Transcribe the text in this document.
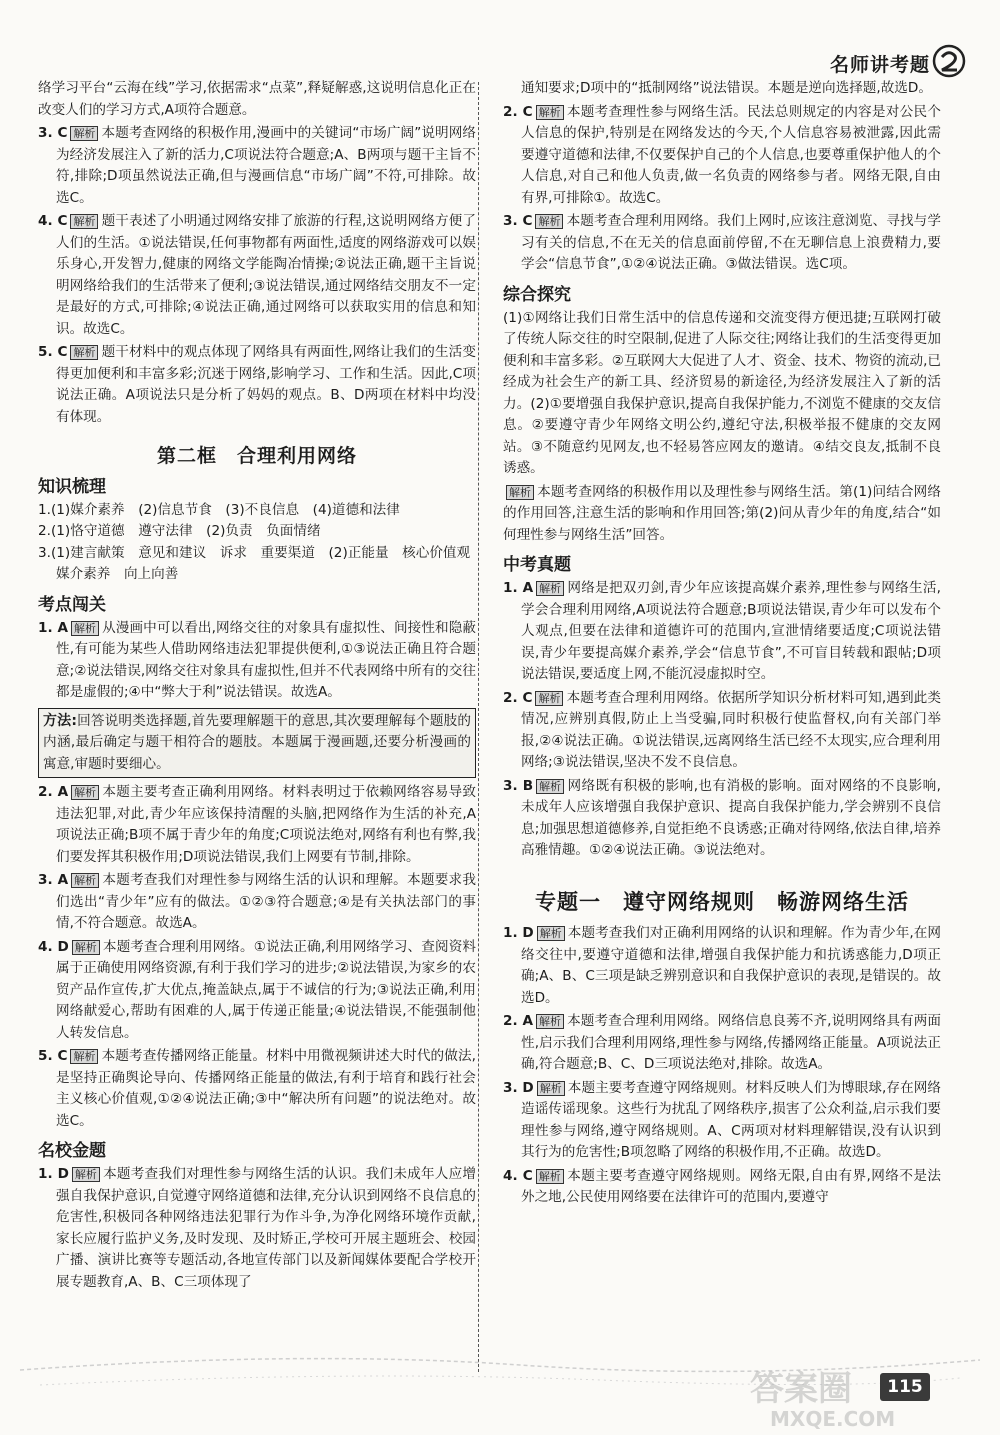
名师讲考题

络学习平台“云海在线”学习,依据需求“点菜”,释疑解惑,这说明信息化正在改变人们的学习方式,A项符合题意。

3. C 解析 本题考查网络的积极作用,漫画中的关键词“市场广阔”说明网络为经济发展注入了新的活力,C项说法符合题意;A、B两项与题干主旨不符,排除;D项虽然说法正确,但与漫画信息“市场广阔”不符,可排除。故选C。

4. C 解析 题干表述了小明通过网络安排了旅游的行程,这说明网络方便了人们的生活。①说法错误,任何事物都有两面性,适度的网络游戏可以娱乐身心,开发智力,健康的网络文学能陶冶情操;②说法正确,题干主旨说明网络给我们的生活带来了便利;③说法错误,通过网络结交朋友不一定是最好的方式,可排除;④说法正确,通过网络可以获取实用的信息和知识。故选C。

5. C 解析 题干材料中的观点体现了网络具有两面性,网络让我们的生活变得更加便利和丰富多彩;沉迷于网络,影响学习、工作和生活。因此,C项说法正确。A项说法只是分析了妈妈的观点。B、D两项在材料中均没有体现。

第二框　合理利用网络
知识梳理

1.(1)媒介素养　(2)信息节食　(3)不良信息　(4)道德和法律

2.(1)恪守道德　遵守法律　(2)负责　负面情绪

3.(1)建言献策　意见和建议　诉求　重要渠道　(2)正能量　核心价值观　媒介素养　向上向善

考点闯关

1. A 解析 从漫画中可以看出,网络交往的对象具有虚拟性、间接性和隐蔽性,有可能为某些人借助网络违法犯罪提供便利,①③说法正确且符合题意;②说法错误,网络交往对象具有虚拟性,但并不代表网络中所有的交往都是虚假的;④中“弊大于利”说法错误。故选A。

方法:回答说明类选择题,首先要理解题干的意思,其次要理解每个题肢的内涵,最后确定与题干相符合的题肢。本题属于漫画题,还要分析漫画的寓意,审题时要细心。

2. A 解析 本题主要考查正确利用网络。材料表明过于依赖网络容易导致违法犯罪,对此,青少年应该保持清醒的头脑,把网络作为生活的补充,A项说法正确;B项不属于青少年的角度;C项说法绝对,网络有利也有弊,我们要发挥其积极作用;D项说法错误,我们上网要有节制,排除。

3. A 解析 本题考查我们对理性参与网络生活的认识和理解。本题要求我们选出“青少年”应有的做法。①②③符合题意;④是有关执法部门的事情,不符合题意。故选A。

4. D 解析 本题考查合理利用网络。①说法正确,利用网络学习、查阅资料属于正确使用网络资源,有利于我们学习的进步;②说法错误,为家乡的农贸产品作宣传,扩大优点,掩盖缺点,属于不诚信的行为;③说法正确,利用网络献爱心,帮助有困难的人,属于传递正能量;④说法错误,不能强制他人转发信息。

5. C 解析 本题考查传播网络正能量。材料中用微视频讲述大时代的做法,是坚持正确舆论导向、传播网络正能量的做法,有利于培育和践行社会主义核心价值观,①②④说法正确;③中“解决所有问题”的说法绝对。故选C。

名校金题

1. D 解析 本题考查我们对理性参与网络生活的认识。我们未成年人应增强自我保护意识,自觉遵守网络道德和法律,充分认识到网络不良信息的危害性,积极同各种网络违法犯罪行为作斗争,为净化网络环境作贡献,家长应履行监护义务,及时发现、及时矫正,学校可开展主题班会、校园广播、演讲比赛等专题活动,各地宣传部门以及新闻媒体要配合学校开展专题教育,A、B、C三项体现了

通知要求;D项中的“抵制网络”说法错误。本题是逆向选择题,故选D。

2. C 解析 本题考查理性参与网络生活。民法总则规定的内容是对公民个人信息的保护,特别是在网络发达的今天,个人信息容易被泄露,因此需要遵守道德和法律,不仅要保护自己的个人信息,也要尊重保护他人的个人信息,对自己和他人负责,做一名负责的网络参与者。网络无限,自由有界,可排除①。故选C。

3. C 解析 本题考查合理利用网络。我们上网时,应该注意浏览、寻找与学习有关的信息,不在无关的信息面前停留,不在无聊信息上浪费精力,要学会“信息节食”,①②④说法正确。③做法错误。选C项。

综合探究

(1)①网络让我们日常生活中的信息传递和交流变得方便迅捷;互联网打破了传统人际交往的时空限制,促进了人际交往;网络让我们的生活变得更加便利和丰富多彩。②互联网大大促进了人才、资金、技术、物资的流动,已经成为社会生产的新工具、经济贸易的新途径,为经济发展注入了新的活力。(2)①要增强自我保护意识,提高自我保护能力,不浏览不健康的交友信息。②要遵守青少年网络文明公约,遵纪守法,积极举报不健康的交友网站。③不随意约见网友,也不轻易答应网友的邀请。④结交良友,抵制不良诱惑。

解析 本题考查网络的积极作用以及理性参与网络生活。第(1)问结合网络的作用回答,注意生活的影响和作用回答;第(2)问从青少年的角度,结合“如何理性参与网络生活”回答。

中考真题

1. A 解析 网络是把双刃剑,青少年应该提高媒介素养,理性参与网络生活,学会合理利用网络,A项说法符合题意;B项说法错误,青少年可以发布个人观点,但要在法律和道德许可的范围内,宣泄情绪要适度;C项说法错误,青少年要提高媒介素养,学会“信息节食”,不可盲目转载和跟帖;D项说法错误,要适度上网,不能沉浸虚拟时空。

2. C 解析 本题考查合理利用网络。依据所学知识分析材料可知,遇到此类情况,应辨别真假,防止上当受骗,同时积极行使监督权,向有关部门举报,②④说法正确。①说法错误,远离网络生活已经不太现实,应合理利用网络;③说法错误,坚决不发不良信息。

3. B 解析 网络既有积极的影响,也有消极的影响。面对网络的不良影响,未成年人应该增强自我保护意识、提高自我保护能力,学会辨别不良信息;加强思想道德修养,自觉拒绝不良诱惑;正确对待网络,依法自律,培养高雅情趣。①②④说法正确。③说法绝对。

专题一　遵守网络规则　畅游网络生活

1. D 解析 本题考查我们对正确利用网络的认识和理解。作为青少年,在网络交往中,要遵守道德和法律,增强自我保护能力和抗诱惑能力,D项正确;A、B、C三项是缺乏辨别意识和自我保护意识的表现,是错误的。故选D。

2. A 解析 本题考查合理利用网络。网络信息良莠不齐,说明网络具有两面性,启示我们合理利用网络,理性参与网络,传播网络正能量。A项说法正确,符合题意;B、C、D三项说法绝对,排除。故选A。

3. D 解析 本题主要考查遵守网络规则。材料反映人们为博眼球,存在网络造谣传谣现象。这些行为扰乱了网络秩序,损害了公众利益,启示我们要理性参与网络,遵守网络规则。A、C两项对材料理解错误,没有认识到其行为的危害性;B项忽略了网络的积极作用,不正确。故选D。

4. C 解析 本题主要考查遵守网络规则。网络无限,自由有界,网络不是法外之地,公民使用网络要在法律许可的范围内,要遵守

115
答案圈
MXQE.COM
